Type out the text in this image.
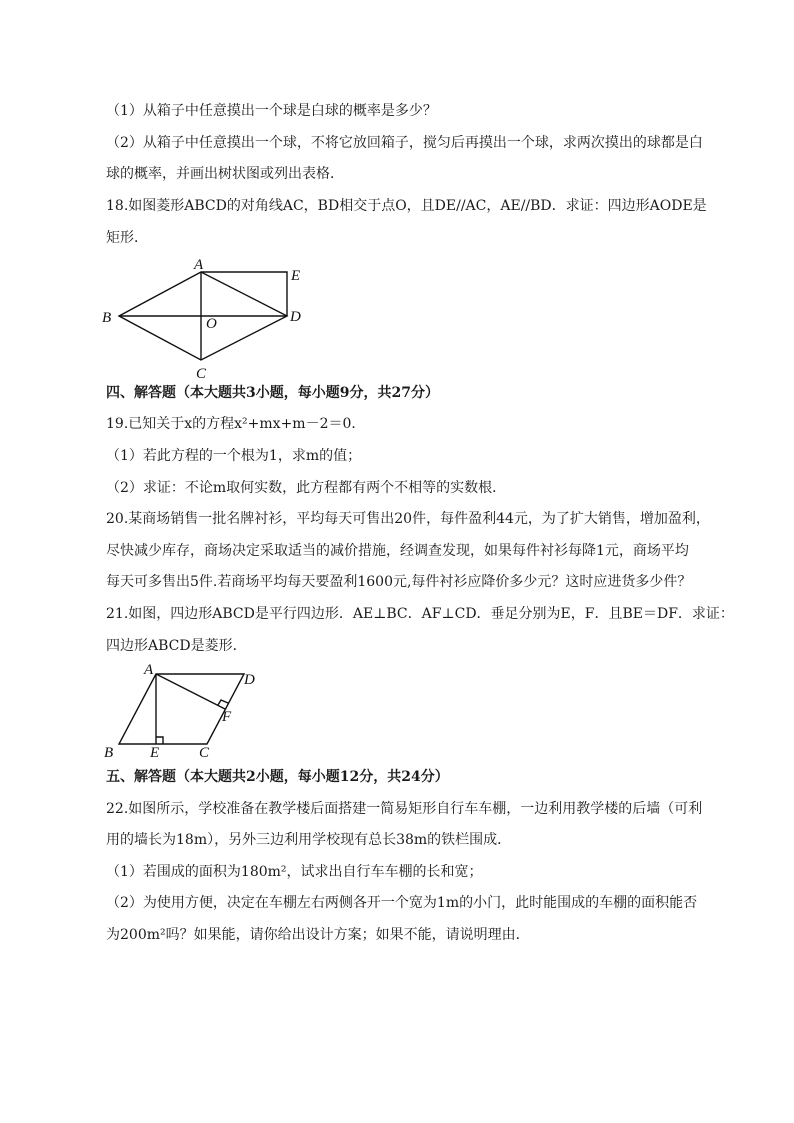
（1）从箱子中任意摸出一个球是白球的概率是多少？
（2）从箱子中任意摸出一个球，不将它放回箱子，搅匀后再摸出一个球，求两次摸出的球都是白
球的概率，并画出树状图或列出表格．
18.如图菱形ABCD的对角线AC，BD相交于点O，且DE//AC，AE//BD．求证：四边形AODE是
矩形．
A
E
B	O	D
C
四、解答题（本大题共3小题，每小题9分，共27分）
19.已知关于x的方程x²+mx+m－2＝0．
（1）若此方程的一个根为1，求m的值；
（2）求证：不论m取何实数，此方程都有两个不相等的实数根．
20.某商场销售一批名牌衬衫，平均每天可售出20件，每件盈利44元，为了扩大销售，增加盈利，
尽快减少库存，商场决定采取适当的减价措施，经调查发现，如果每件衬衫每降1元，商场平均
每天可多售出5件.若商场平均每天要盈利1600元,每件衬衫应降价多少元？这时应进货多少件？
21.如图，四边形ABCD是平行四边形．AE⊥BC．AF⊥CD．垂足分别为E，F．且BE＝DF．求证：
四边形ABCD是菱形．
A
D
F
B E	C
五、解答题（本大题共2小题，每小题12分，共24分）
22.如图所示，学校准备在教学楼后面搭建一简易矩形自行车车棚，一边利用教学楼的后墙（可利
用的墙长为18m），另外三边利用学校现有总长38m的铁栏围成．
（1）若围成的面积为180m²，试求出自行车车棚的长和宽；
（2）为使用方便，决定在车棚左右两侧各开一个宽为1m的小门，此时能围成的车棚的面积能否
为200m²吗？如果能，请你给出设计方案；如果不能，请说明理由．
